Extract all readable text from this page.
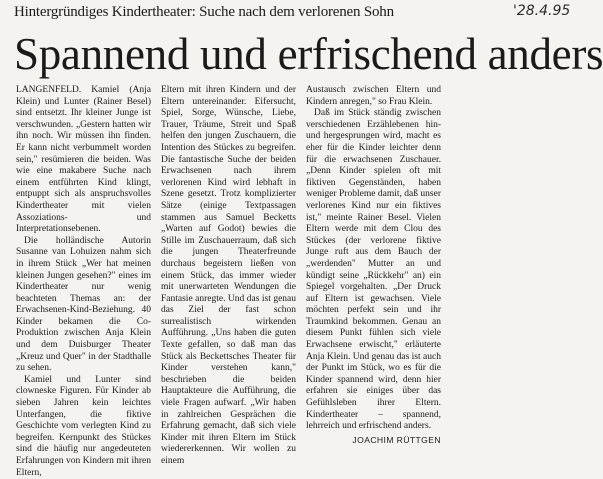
Hintergründiges Kindertheater: Suche nach dem verlorenen Sohn	'28.4.95
Spannend und erfrischend anders

LANGENFELD. Kamiel (Anja Klein) und Lunter (Rainer Besel) sind entsetzt. Ihr kleiner Junge ist verschwunden. „Gestern hatten wir ihn noch. Wir müssen ihn finden. Er kann nicht verbummelt worden sein," resümieren die beiden. Was wie eine makabere Suche nach einem entführten Kind klingt, entpuppt sich als anspruchsvolles Kindertheater mit vielen Assoziations- und Interpretationsebenen.

Die holländische Autorin Susanne van Lohuizen nahm sich in ihrem Stück „Wer hat meinen kleinen Jungen gesehen?" eines im Kindertheater nur wenig beachteten Themas an: der Erwachsenen-Kind-Beziehung. 40 Kinder bekamen die Co-Produktion zwischen Anja Klein und dem Duisburger Theater „Kreuz und Quer" in der Stadthalle zu sehen.

Kamiel und Lunter sind clowneske Figuren. Für Kinder ab sieben Jahren kein leichtes Unterfangen, die fiktive Geschichte vom verlegten Kind zu begreifen. Kernpunkt des Stückes sind die häufig nur angedeuteten Erfahrungen von Kindern mit ihren Eltern,

Eltern mit ihren Kindern und der Eltern untereinander. Eifersucht, Spiel, Sorge, Wünsche, Liebe, Trauer, Träume, Streit und Spaß helfen den jungen Zuschauern, die Intention des Stückes zu begreifen. Die fantastische Suche der beiden Erwachsenen nach ihrem verlorenen Kind wird lebhaft in Szene gesetzt. Trotz komplizierter Sätze (einige Textpassagen stammen aus Samuel Becketts „Warten auf Godot) bewies die Stille im Zuschauerraum, daß sich die jungen Theaterfreunde durchaus begeistern ließen von einem Stück, das immer wieder mit unerwarteten Wendungen die Fantasie anregte. Und das ist genau das Ziel der fast schon surrealistisch wirkenden Aufführung. „Uns haben die guten Texte gefallen, so daß man das Stück als Beckettsches Theater für Kinder verstehen kann," beschrieben die beiden Hauptakteure die Aufführung, die viele Fragen aufwarf. „Wir haben in zahlreichen Gesprächen die Erfahrung gemacht, daß sich viele Kinder mit ihren Eltern im Stück wiedererkennen. Wir wollen zu einem

Austausch zwischen Eltern und Kindern anregen," so Frau Klein.

Daß im Stück ständig zwischen verschiedenen Erzählebenen hin- und hergesprungen wird, macht es eher für die Kinder leichter denn für die erwachsenen Zuschauer. „Denn Kinder spielen oft mit fiktiven Gegenständen, haben weniger Probleme damit, daß unser verlorenes Kind nur ein fiktives ist," meinte Rainer Besel. Vielen Eltern werde mit dem Clou des Stückes (der verlorene fiktive Junge ruft aus dem Bauch der „werdenden" Mutter an und kündigt seine „Rückkehr" an) ein Spiegel vorgehalten. „Der Druck auf Eltern ist gewachsen. Viele möchten perfekt sein und ihr Traumkind bekommen. Genau an diesem Punkt fühlen sich viele Erwachsene erwischt," erläuterte Anja Klein. Und genau das ist auch der Punkt im Stück, wo es für die Kinder spannend wird, denn hier erfahren sie einiges über das Gefühlsleben ihrer Eltern. Kindertheater – spannend, lehrreich und erfrischend anders.

JOACHIM RÜTTGEN
